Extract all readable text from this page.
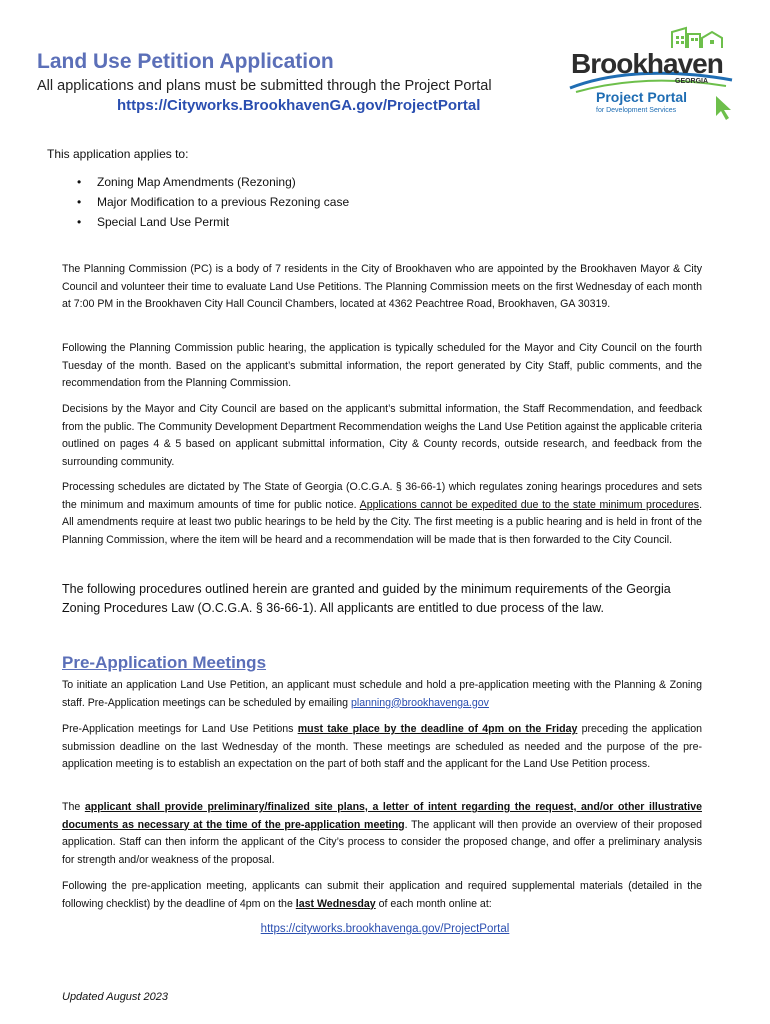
Land Use Petition Application
All applications and plans must be submitted through the Project Portal
https://Cityworks.BrookhavenGA.gov/ProjectPortal
Brookhaven
GEORGIA
Project Portal
for Development Services
This application applies to:
• Zoning Map Amendments (Rezoning)
• Major Modification to a previous Rezoning case
• Special Land Use Permit
The Planning Commission (PC) is a body of 7 residents in the City of Brookhaven who are appointed by the Brookhaven Mayor & City Council and volunteer their time to evaluate Land Use Petitions. The Planning Commission meets on the first Wednesday of each month at 7:00 PM in the Brookhaven City Hall Council Chambers, located at 4362 Peachtree Road, Brookhaven, GA 30319.
Following the Planning Commission public hearing, the application is typically scheduled for the Mayor and City Council on the fourth Tuesday of the month. Based on the applicant’s submittal information, the report generated by City Staff, public comments, and the recommendation from the Planning Commission.
Decisions by the Mayor and City Council are based on the applicant’s submittal information, the Staff Recommendation, and feedback from the public. The Community Development Department Recommendation weighs the Land Use Petition against the applicable criteria outlined on pages 4 & 5 based on applicant submittal information, City & County records, outside research, and feedback from the surrounding community.
Processing schedules are dictated by The State of Georgia (O.C.G.A. § 36-66-1) which regulates zoning hearings procedures and sets the minimum and maximum amounts of time for public notice. Applications cannot be expedited due to the state minimum procedures. All amendments require at least two public hearings to be held by the City. The first meeting is a public hearing and is held in front of the Planning Commission, where the item will be heard and a recommendation will be made that is then forwarded to the City Council.
The following procedures outlined herein are granted and guided by the minimum requirements of the Georgia Zoning Procedures Law (O.C.G.A. § 36-66-1). All applicants are entitled to due process of the law.
Pre-Application Meetings
To initiate an application Land Use Petition, an applicant must schedule and hold a pre-application meeting with the Planning & Zoning staff. Pre-Application meetings can be scheduled by emailing planning@brookhavenga.gov
Pre-Application meetings for Land Use Petitions must take place by the deadline of 4pm on the Friday preceding the application submission deadline on the last Wednesday of the month. These meetings are scheduled as needed and the purpose of the pre-application meeting is to establish an expectation on the part of both staff and the applicant for the Land Use Petition process.
The applicant shall provide preliminary/finalized site plans, a letter of intent regarding the request, and/or other illustrative documents as necessary at the time of the pre-application meeting. The applicant will then provide an overview of their proposed application. Staff can then inform the applicant of the City’s process to consider the proposed change, and offer a preliminary analysis for strength and/or weakness of the proposal.
Following the pre-application meeting, applicants can submit their application and required supplemental materials (detailed in the following checklist) by the deadline of 4pm on the last Wednesday of each month online at:
https://cityworks.brookhavenga.gov/ProjectPortal
Updated August 2023
